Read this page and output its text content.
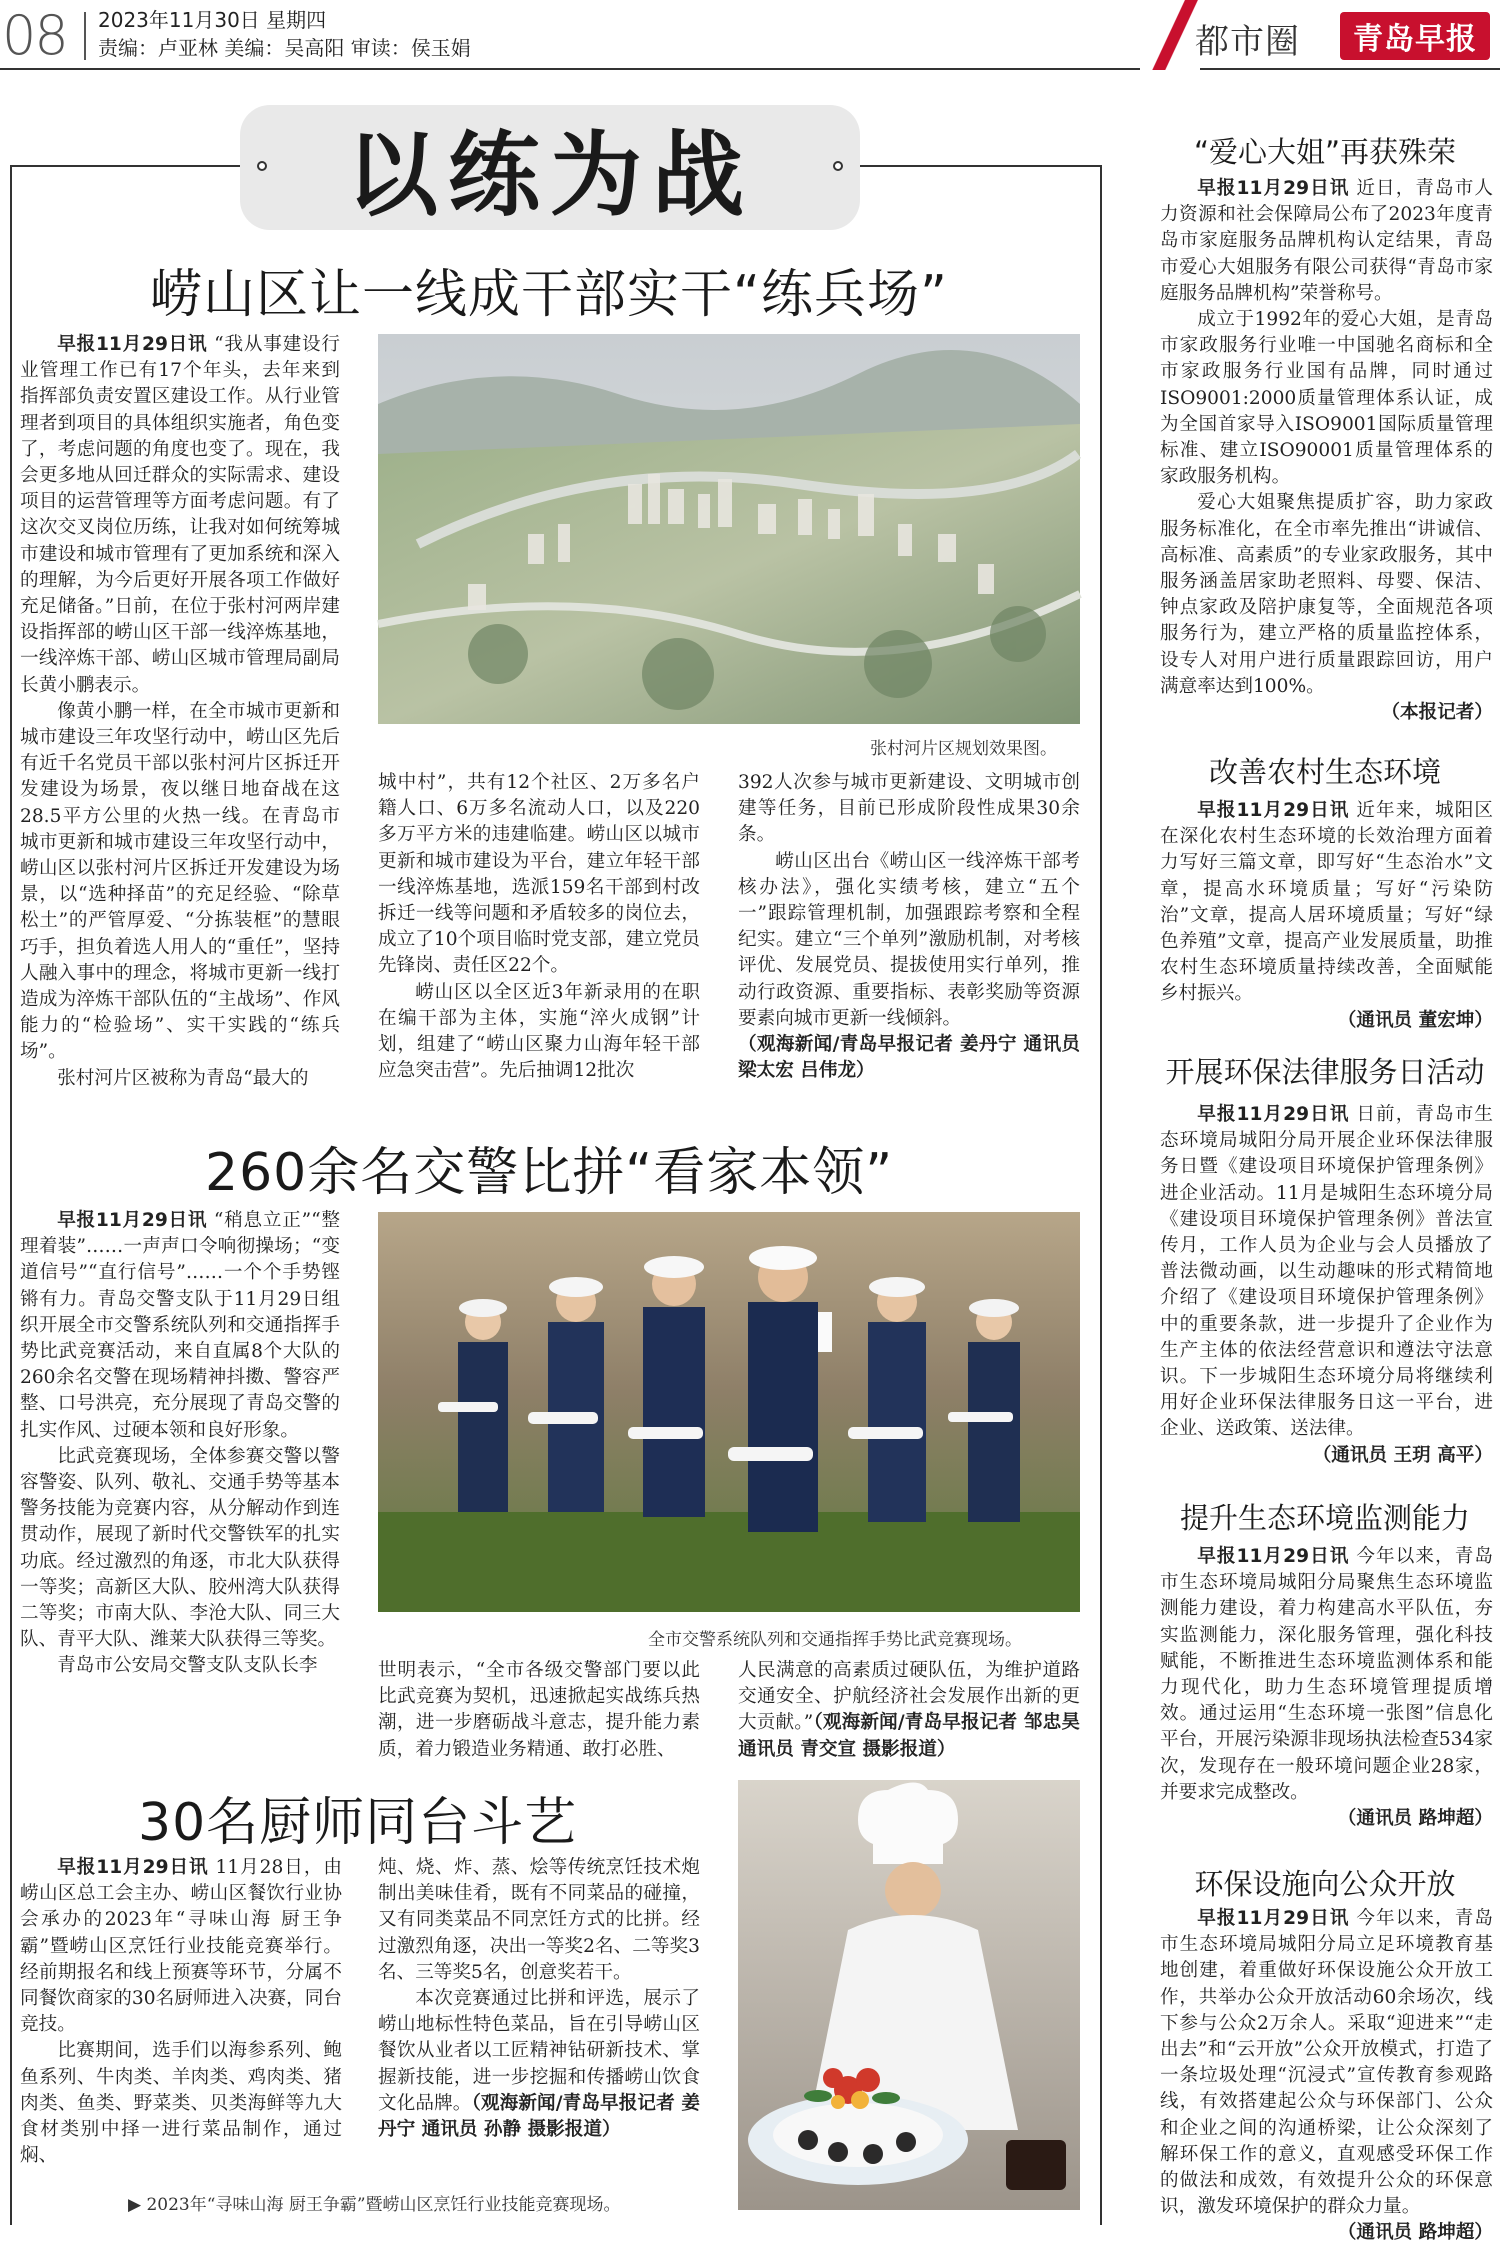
08 2023年11月30日 星期四
责编：卢亚林 美编：吴高阳 审读：侯玉娟	都市圈	青岛早报
以练为战
崂山区让一线成干部实干“练兵场”

早报11月29日讯 “我从事建设行业管理工作已有17个年头，去年来到指挥部负责安置区建设工作。从行业管理者到项目的具体组织实施者，角色变了，考虑问题的角度也变了。现在，我会更多地从回迁群众的实际需求、建设项目的运营管理等方面考虑问题。有了这次交叉岗位历练，让我对如何统筹城市建设和城市管理有了更加系统和深入的理解，为今后更好开展各项工作做好充足储备。”日前，在位于张村河两岸建设指挥部的崂山区干部一线淬炼基地，一线淬炼干部、崂山区城市管理局副局长黄小鹏表示。

像黄小鹏一样，在全市城市更新和城市建设三年攻坚行动中，崂山区先后有近千名党员干部以张村河片区拆迁开发建设为场景，夜以继日地奋战在这28.5平方公里的火热一线。在青岛市城市更新和城市建设三年攻坚行动中，崂山区以张村河片区拆迁开发建设为场景，以“选种择苗”的充足经验、“除草松土”的严管厚爱、“分拣装框”的慧眼巧手，担负着选人用人的“重任”，坚持人融入事中的理念，将城市更新一线打造成为淬炼干部队伍的“主战场”、作风能力的“检验场”、实干实践的“练兵场”。

张村河片区被称为青岛“最大的

张村河片区规划效果图。

城中村”，共有12个社区、2万多名户籍人口、6万多名流动人口，以及220多万平方米的违建临建。崂山区以城市更新和城市建设为平台，建立年轻干部一线淬炼基地，选派159名干部到村改拆迁一线等问题和矛盾较多的岗位去，成立了10个项目临时党支部，建立党员先锋岗、责任区22个。

崂山区以全区近3年新录用的在职在编干部为主体，实施“淬火成钢”计划，组建了“崂山区聚力山海年轻干部应急突击营”。先后抽调12批次

392人次参与城市更新建设、文明城市创建等任务，目前已形成阶段性成果30余条。

崂山区出台《崂山区一线淬炼干部考核办法》，强化实绩考核，建立“五个一”跟踪管理机制，加强跟踪考察和全程纪实。建立“三个单列”激励机制，对考核评优、发展党员、提拔使用实行单列，推动行政资源、重要指标、表彰奖励等资源要素向城市更新一线倾斜。

（观海新闻/青岛早报记者 姜丹宁 通讯员 梁太宏 吕伟龙）

260余名交警比拼“看家本领”

早报11月29日讯 “稍息立正”“整理着装”……一声声口令响彻操场；“变道信号”“直行信号”……一个个手势铿锵有力。青岛交警支队于11月29日组织开展全市交警系统队列和交通指挥手势比武竞赛活动，来自直属8个大队的260余名交警在现场精神抖擞、警容严整、口号洪亮，充分展现了青岛交警的扎实作风、过硬本领和良好形象。

比武竞赛现场，全体参赛交警以警容警姿、队列、敬礼、交通手势等基本警务技能为竞赛内容，从分解动作到连贯动作，展现了新时代交警铁军的扎实功底。经过激烈的角逐，市北大队获得一等奖；高新区大队、胶州湾大队获得二等奖；市南大队、李沧大队、同三大队、青平大队、潍莱大队获得三等奖。

青岛市公安局交警支队支队长李

全市交警系统队列和交通指挥手势比武竞赛现场。

世明表示，“全市各级交警部门要以此比武竞赛为契机，迅速掀起实战练兵热潮，进一步磨砺战斗意志，提升能力素质，着力锻造业务精通、敢打必胜、

人民满意的高素质过硬队伍，为维护道路交通安全、护航经济社会发展作出新的更大贡献。”（观海新闻/青岛早报记者 邹忠昊 通讯员 青交宣 摄影报道）

30名厨师同台斗艺

早报11月29日讯 11月28日，由崂山区总工会主办、崂山区餐饮行业协会承办的2023年“寻味山海 厨王争霸”暨崂山区烹饪行业技能竞赛举行。经前期报名和线上预赛等环节，分属不同餐饮商家的30名厨师进入决赛，同台竞技。

比赛期间，选手们以海参系列、鲍鱼系列、牛肉类、羊肉类、鸡肉类、猪肉类、鱼类、野菜类、贝类海鲜等九大食材类别中择一进行菜品制作，通过焖、

炖、烧、炸、蒸、烩等传统烹饪技术炮制出美味佳肴，既有不同菜品的碰撞，又有同类菜品不同烹饪方式的比拼。经过激烈角逐，决出一等奖2名、二等奖3名、三等奖5名，创意奖若干。

本次竞赛通过比拼和评选，展示了崂山地标性特色菜品，旨在引导崂山区餐饮从业者以工匠精神钻研新技术、掌握新技能，进一步挖掘和传播崂山饮食文化品牌。（观海新闻/青岛早报记者 姜丹宁 通讯员 孙静 摄影报道）

▶ 2023年“寻味山海 厨王争霸”暨崂山区烹饪行业技能竞赛现场。
“爱心大姐”再获殊荣

早报11月29日讯 近日，青岛市人力资源和社会保障局公布了2023年度青岛市家庭服务品牌机构认定结果，青岛市爱心大姐服务有限公司获得“青岛市家庭服务品牌机构”荣誉称号。

成立于1992年的爱心大姐，是青岛市家政服务行业唯一中国驰名商标和全市家政服务行业国有品牌，同时通过ISO9001:2000质量管理体系认证，成为全国首家导入ISO9001国际质量管理标准、建立ISO90001质量管理体系的家政服务机构。

爱心大姐聚焦提质扩容，助力家政服务标准化，在全市率先推出“讲诚信、高标准、高素质”的专业家政服务，其中服务涵盖居家助老照料、母婴、保洁、钟点家政及陪护康复等，全面规范各项服务行为，建立严格的质量监控体系，设专人对用户进行质量跟踪回访，用户满意率达到100%。

（本报记者）

改善农村生态环境

早报11月29日讯 近年来，城阳区在深化农村生态环境的长效治理方面着力写好三篇文章，即写好“生态治水”文章，提高水环境质量；写好“污染防治”文章，提高人居环境质量；写好“绿色养殖”文章，提高产业发展质量，助推农村生态环境质量持续改善，全面赋能乡村振兴。

（通讯员 董宏坤）

开展环保法律服务日活动

早报11月29日讯 日前，青岛市生态环境局城阳分局开展企业环保法律服务日暨《建设项目环境保护管理条例》进企业活动。11月是城阳生态环境分局《建设项目环境保护管理条例》普法宣传月，工作人员为企业与会人员播放了普法微动画，以生动趣味的形式精简地介绍了《建设项目环境保护管理条例》中的重要条款，进一步提升了企业作为生产主体的依法经营意识和遵法守法意识。下一步城阳生态环境分局将继续利用好企业环保法律服务日这一平台，进企业、送政策、送法律。

（通讯员 王玥 高平）

提升生态环境监测能力

早报11月29日讯 今年以来，青岛市生态环境局城阳分局聚焦生态环境监测能力建设，着力构建高水平队伍，夯实监测能力，深化服务管理，强化科技赋能，不断推进生态环境监测体系和能力现代化，助力生态环境管理提质增效。通过运用“生态环境一张图”信息化平台，开展污染源非现场执法检查534家次，发现存在一般环境问题企业28家，并要求完成整改。

（通讯员 路坤超）

环保设施向公众开放

早报11月29日讯 今年以来，青岛市生态环境局城阳分局立足环境教育基地创建，着重做好环保设施公众开放工作，共举办公众开放活动60余场次，线下参与公众2万余人。采取“迎进来”“走出去”和“云开放”公众开放模式，打造了一条垃圾处理“沉浸式”宣传教育参观路线，有效搭建起公众与环保部门、公众和企业之间的沟通桥梁，让公众深刻了解环保工作的意义，直观感受环保工作的做法和成效，有效提升公众的环保意识，激发环境保护的群众力量。

（通讯员 路坤超）
